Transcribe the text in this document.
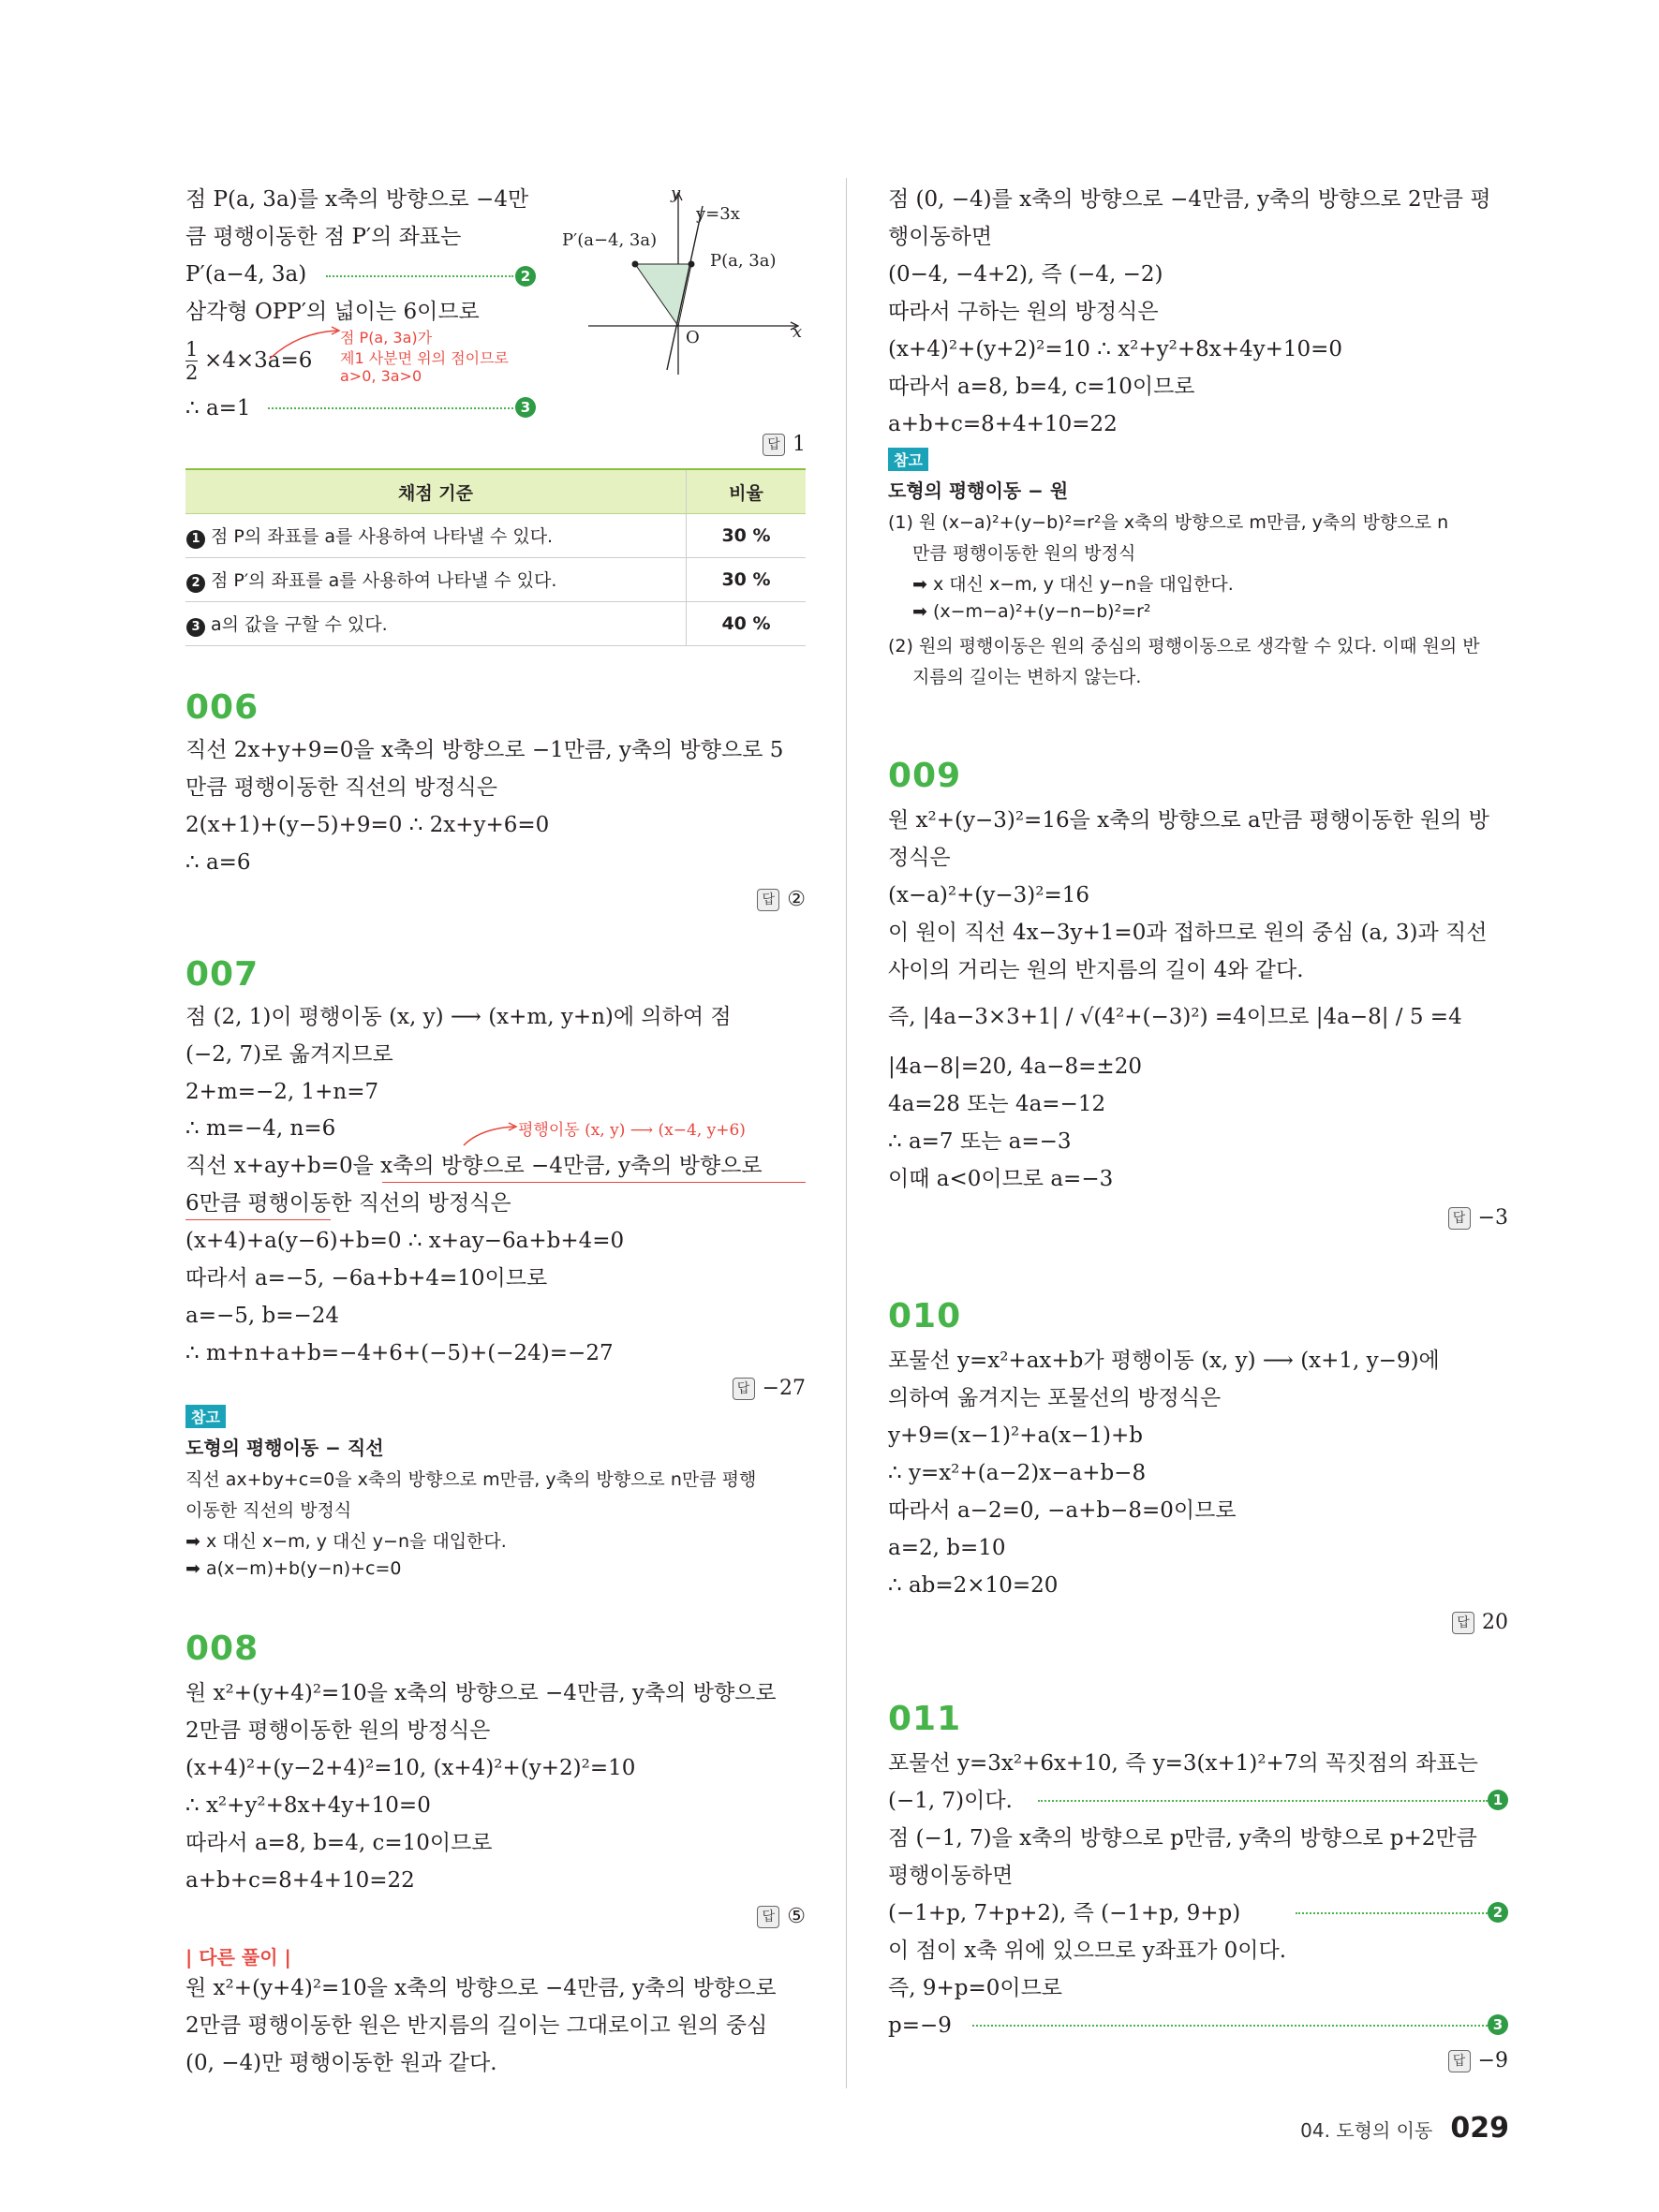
점 P(a, 3a)를 x축의 방향으로 −4만
큼 평행이동한 점 P′의 좌표는
P′(a−4, 3a)	2
삼각형 OPP′의 넓이는 6이므로
1
2
×4×3a=6
점 P(a, 3a)가
제1 사분면 위의 점이므로
a>0, 3a>0
∴ a=1	3
y
x
O
y=3x
P(a, 3a)
P′(a−4, 3a)
답 1
채점 기준	비율
1 점 P의 좌표를 a를 사용하여 나타낼 수 있다.	30 %
2 점 P′의 좌표를 a를 사용하여 나타낼 수 있다.	30 %
3 a의 값을 구할 수 있다.	40 %
006
직선 2x+y+9=0을 x축의 방향으로 −1만큼, y축의 방향으로 5
만큼 평행이동한 직선의 방정식은
2(x+1)+(y−5)+9=0 ∴ 2x+y+6=0
∴ a=6
답 ②
007
점 (2, 1)이 평행이동 (x, y) ⟶ (x+m, y+n)에 의하여 점
(−2, 7)로 옮겨지므로
2+m=−2, 1+n=7
∴ m=−4, n=6	평행이동 (x, y) ⟶ (x−4, y+6)
직선 x+ay+b=0을 x축의 방향으로 −4만큼, y축의 방향으로
6만큼 평행이동한 직선의 방정식은
(x+4)+a(y−6)+b=0 ∴ x+ay−6a+b+4=0
따라서 a=−5, −6a+b+4=10이므로
a=−5, b=−24
∴ m+n+a+b=−4+6+(−5)+(−24)=−27
답 −27
참고
도형의 평행이동 − 직선
직선 ax+by+c=0을 x축의 방향으로 m만큼, y축의 방향으로 n만큼 평행
이동한 직선의 방정식
➡ x 대신 x−m, y 대신 y−n을 대입한다.
➡ a(x−m)+b(y−n)+c=0
008
원 x²+(y+4)²=10을 x축의 방향으로 −4만큼, y축의 방향으로
2만큼 평행이동한 원의 방정식은
(x+4)²+(y−2+4)²=10, (x+4)²+(y+2)²=10
∴ x²+y²+8x+4y+10=0
따라서 a=8, b=4, c=10이므로
a+b+c=8+4+10=22
답 ⑤
| 다른 풀이 |
원 x²+(y+4)²=10을 x축의 방향으로 −4만큼, y축의 방향으로
2만큼 평행이동한 원은 반지름의 길이는 그대로이고 원의 중심
(0, −4)만 평행이동한 원과 같다.
점 (0, −4)를 x축의 방향으로 −4만큼, y축의 방향으로 2만큼 평
행이동하면
(0−4, −4+2), 즉 (−4, −2)
따라서 구하는 원의 방정식은
(x+4)²+(y+2)²=10 ∴ x²+y²+8x+4y+10=0
따라서 a=8, b=4, c=10이므로
a+b+c=8+4+10=22
참고
도형의 평행이동 − 원
(1) 원 (x−a)²+(y−b)²=r²을 x축의 방향으로 m만큼, y축의 방향으로 n
만큼 평행이동한 원의 방정식
➡ x 대신 x−m, y 대신 y−n을 대입한다.
➡ (x−m−a)²+(y−n−b)²=r²
(2) 원의 평행이동은 원의 중심의 평행이동으로 생각할 수 있다. 이때 원의 반
지름의 길이는 변하지 않는다.
009
원 x²+(y−3)²=16을 x축의 방향으로 a만큼 평행이동한 원의 방
정식은
(x−a)²+(y−3)²=16
이 원이 직선 4x−3y+1=0과 접하므로 원의 중심 (a, 3)과 직선
사이의 거리는 원의 반지름의 길이 4와 같다.
즉, |4a−3×3+1| / √(4²+(−3)²) =4이므로 |4a−8| / 5 =4
|4a−8|=20, 4a−8=±20
4a=28 또는 4a=−12
∴ a=7 또는 a=−3
이때 a<0이므로 a=−3
답 −3
010
포물선 y=x²+ax+b가 평행이동 (x, y) ⟶ (x+1, y−9)에
의하여 옮겨지는 포물선의 방정식은
y+9=(x−1)²+a(x−1)+b
∴ y=x²+(a−2)x−a+b−8
따라서 a−2=0, −a+b−8=0이므로
a=2, b=10
∴ ab=2×10=20
답 20
011
포물선 y=3x²+6x+10, 즉 y=3(x+1)²+7의 꼭짓점의 좌표는
(−1, 7)이다.	1
점 (−1, 7)을 x축의 방향으로 p만큼, y축의 방향으로 p+2만큼
평행이동하면
(−1+p, 7+p+2), 즉 (−1+p, 9+p)	2
이 점이 x축 위에 있으므로 y좌표가 0이다.
즉, 9+p=0이므로
p=−9	3
답 −9
04. 도형의 이동 029
